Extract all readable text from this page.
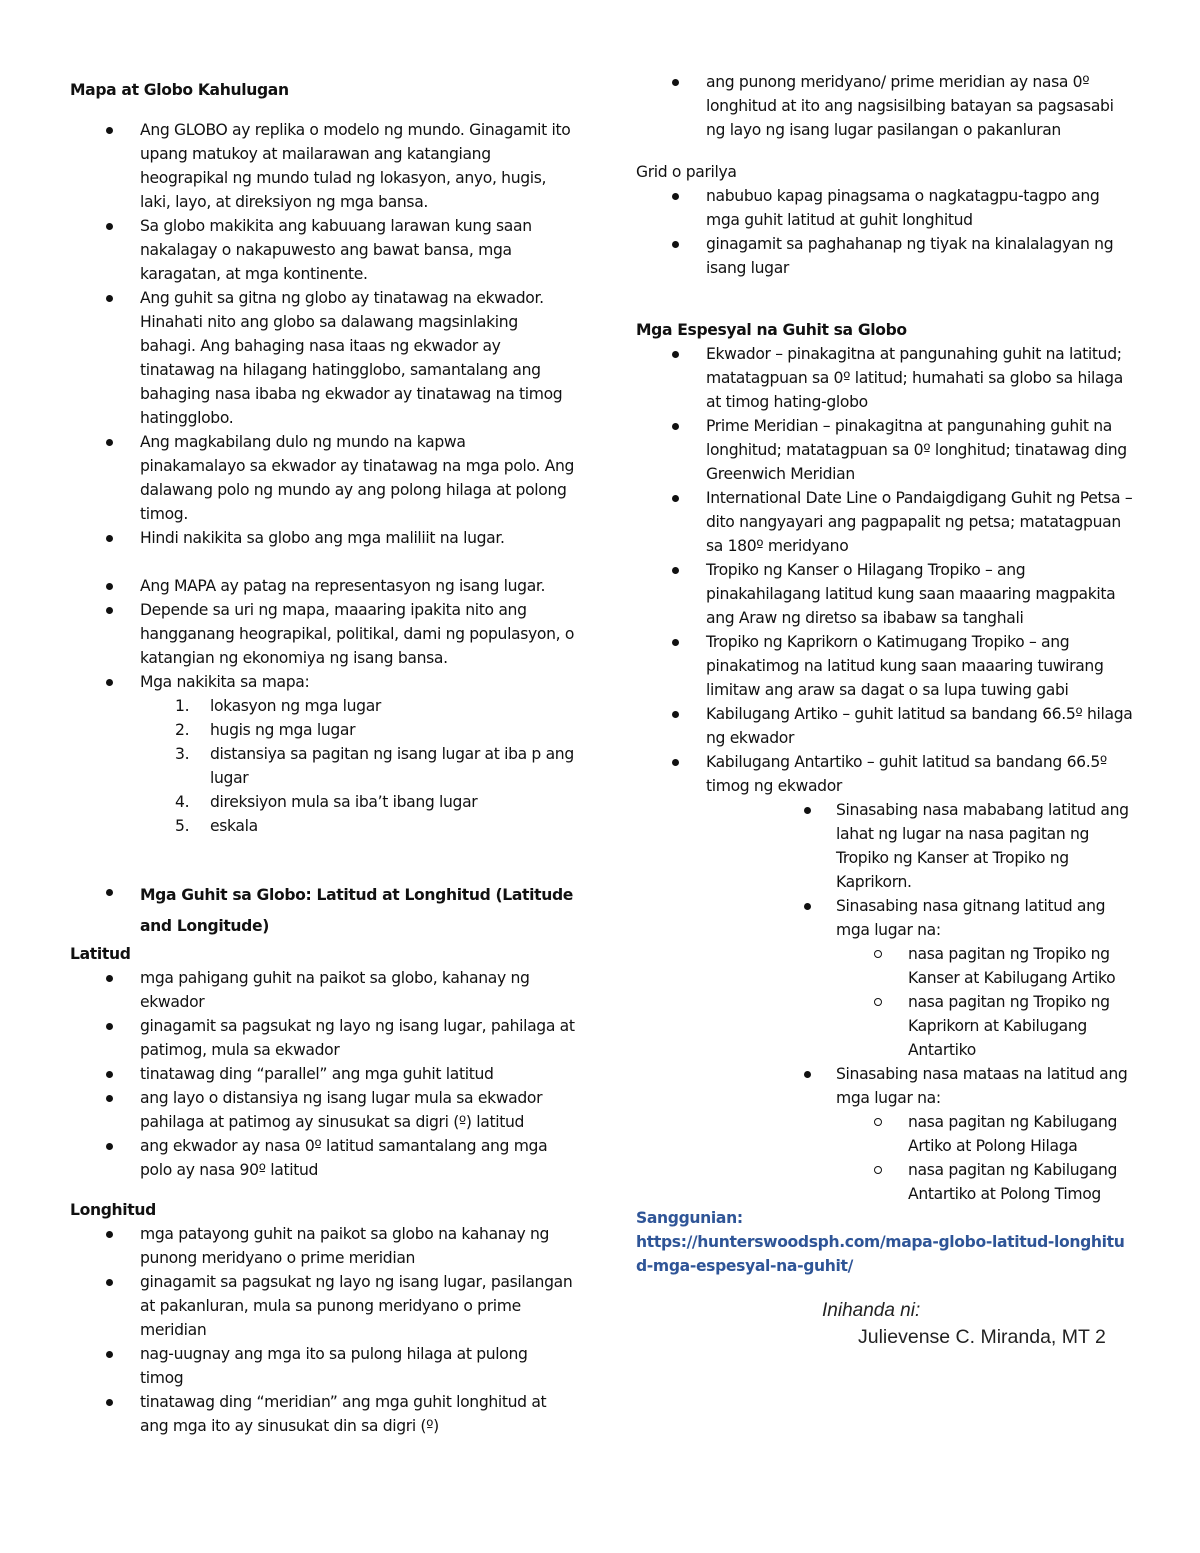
Mapa at Globo Kahulugan

Ang GLOBO ay replika o modelo ng mundo. Ginagamit ito upang matukoy at mailarawan ang katangiang heograpikal ng mundo tulad ng lokasyon, anyo, hugis, laki, layo, at direksiyon ng mga bansa.
Sa globo makikita ang kabuuang larawan kung saan nakalagay o nakapuwesto ang bawat bansa, mga karagatan, at mga kontinente.
Ang guhit sa gitna ng globo ay tinatawag na ekwador. Hinahati nito ang globo sa dalawang magsinlaking bahagi. Ang bahaging nasa itaas ng ekwador ay tinatawag na hilagang hatingglobo, samantalang ang bahaging nasa ibaba ng ekwador ay tinatawag na timog hatingglobo.
Ang magkabilang dulo ng mundo na kapwa pinakamalayo sa ekwador ay tinatawag na mga polo. Ang dalawang polo ng mundo ay ang polong hilaga at polong timog.
Hindi nakikita sa globo ang mga maliliit na lugar.
Ang MAPA ay patag na representasyon ng isang lugar.
Depende sa uri ng mapa, maaaring ipakita nito ang hangganang heograpikal, politikal, dami ng populasyon, o katangian ng ekonomiya ng isang bansa.
Mga nakikita sa mapa:
1. lokasyon ng mga lugar
2. hugis ng mga lugar
3. distansiya sa pagitan ng isang lugar at iba p ang lugar
4. direksiyon mula sa iba’t ibang lugar
5. eskala
Mga Guhit sa Globo: Latitud at Longhitud (Latitude and Longitude)

Latitud

mga pahigang guhit na paikot sa globo, kahanay ng ekwador
ginagamit sa pagsukat ng layo ng isang lugar, pahilaga at patimog, mula sa ekwador
tinatawag ding “parallel” ang mga guhit latitud
ang layo o distansiya ng isang lugar mula sa ekwador pahilaga at patimog ay sinusukat sa digri (º) latitud
ang ekwador ay nasa 0º latitud samantalang ang mga polo ay nasa 90º latitud

Longhitud

mga patayong guhit na paikot sa globo na kahanay ng punong meridyano o prime meridian
ginagamit sa pagsukat ng layo ng isang lugar, pasilangan at pakanluran, mula sa punong meridyano o prime meridian
nag-uugnay ang mga ito sa pulong hilaga at pulong timog
tinatawag ding “meridian” ang mga guhit longhitud at ang mga ito ay sinusukat din sa digri (º)
ang punong meridyano/ prime meridian ay nasa 0º longhitud at ito ang nagsisilbing batayan sa pagsasabi ng layo ng isang lugar pasilangan o pakanluran

Grid o parilya

nabubuo kapag pinagsama o nagkatagpu-tagpo ang mga guhit latitud at guhit longhitud
ginagamit sa paghahanap ng tiyak na kinalalagyan ng isang lugar

Mga Espesyal na Guhit sa Globo

Ekwador – pinakagitna at pangunahing guhit na latitud; matatagpuan sa 0º latitud; humahati sa globo sa hilaga at timog hating-globo
Prime Meridian – pinakagitna at pangunahing guhit na longhitud; matatagpuan sa 0º longhitud; tinatawag ding Greenwich Meridian
International Date Line o Pandaigdigang Guhit ng Petsa – dito nangyayari ang pagpapalit ng petsa; matatagpuan sa 180º meridyano
Tropiko ng Kanser o Hilagang Tropiko – ang pinakahilagang latitud kung saan maaaring magpakita ang Araw ng diretso sa ibabaw sa tanghali
Tropiko ng Kaprikorn o Katimugang Tropiko – ang pinakatimog na latitud kung saan maaaring tuwirang limitaw ang araw sa dagat o sa lupa tuwing gabi
Kabilugang Artiko – guhit latitud sa bandang 66.5º hilaga ng ekwador
Kabilugang Antartiko – guhit latitud sa bandang 66.5º timog ng ekwador
Sinasabing nasa mababang latitud ang lahat ng lugar na nasa pagitan ng Tropiko ng Kanser at Tropiko ng Kaprikorn.
Sinasabing nasa gitnang latitud ang mga lugar na:
nasa pagitan ng Tropiko ng Kanser at Kabilugang Artiko
nasa pagitan ng Tropiko ng Kaprikorn at Kabilugang Antartiko
Sinasabing nasa mataas na latitud ang mga lugar na:
nasa pagitan ng Kabilugang Artiko at Polong Hilaga
nasa pagitan ng Kabilugang Antartiko at Polong Timog
Sanggunian:
https://hunterswoodsph.com/mapa-globo-latitud-longhitud-mga-espesyal-na-guhit/
Inihanda ni:
Julievense C. Miranda, MT 2
